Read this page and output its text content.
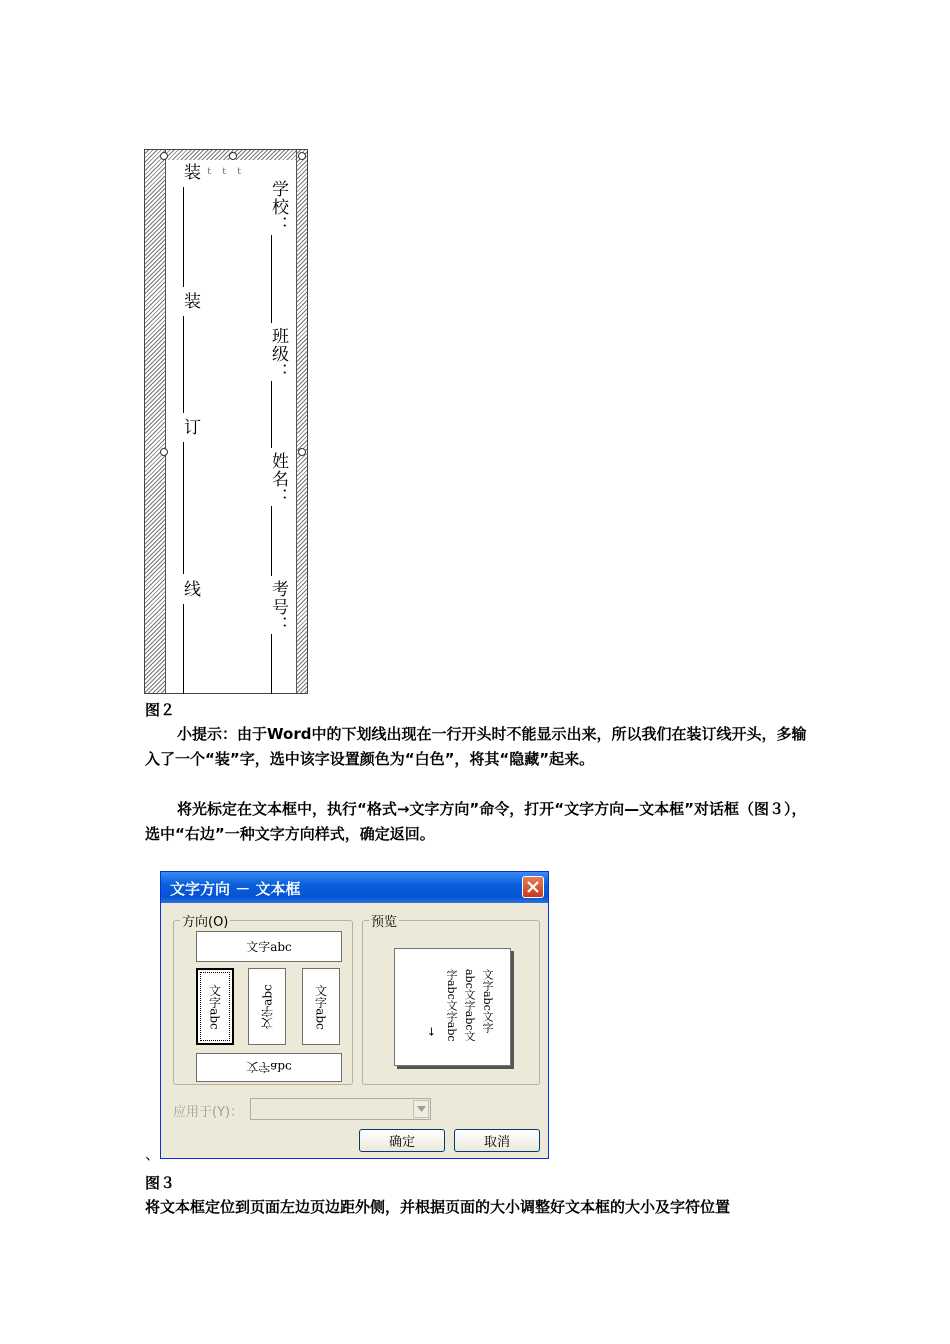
ｔｔｔ
装
装
订
线
学校：
班级：
姓名：
考号：
图２

小提示：由于Word中的下划线出现在一行开头时不能显示出来，所以我们在装订线开头，多输入了一个“装”字，选中该字设置颜色为“白色”，将其“隐藏”起来。

将光标定在文本框中，执行“格式→文字方向”命令，打开“文字方向—文本框”对话框（图３），选中“右边”一种文字方向样式，确定返回。

文字方向 － 文本框
方向(O)
文字abc
文字abc	文字abc	文字abc
文字abc
预览
文字abc文字
abc文字abc文
字abc文字abc
→
应用于(Y)：
确定	取消
、
图３

将文本框定位到页面左边页边距外侧，并根据页面的大小调整好文本框的大小及字符位置
